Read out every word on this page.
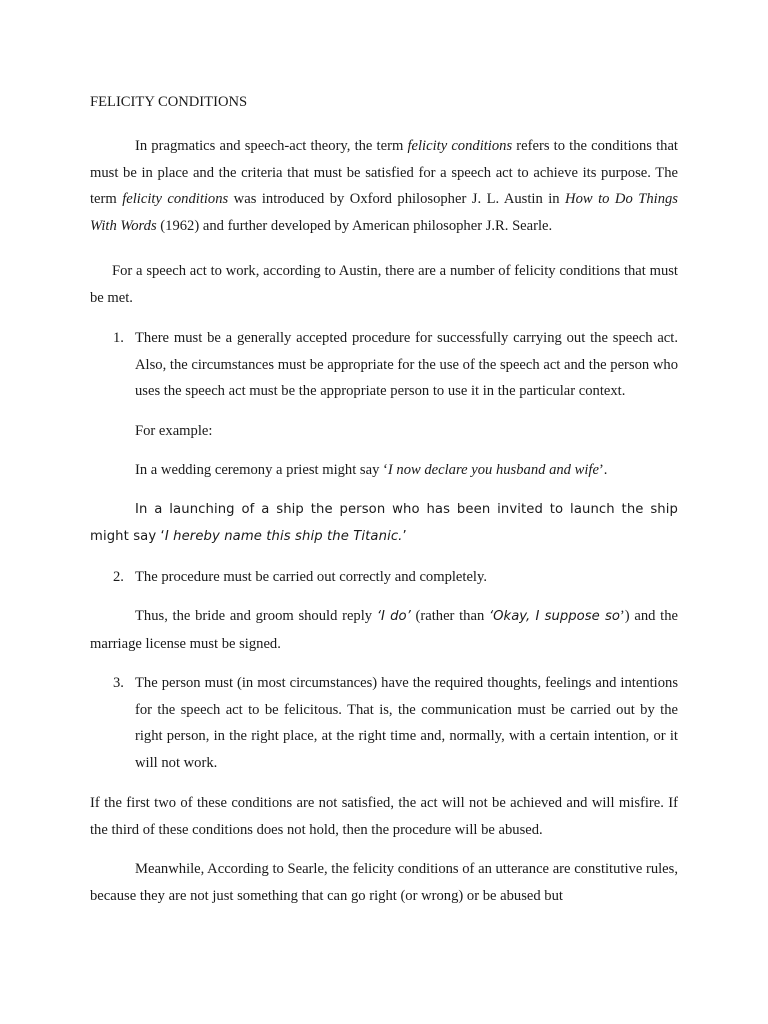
FELICITY CONDITIONS
In pragmatics and speech-act theory, the term felicity conditions refers to the conditions that must be in place and the criteria that must be satisfied for a speech act to achieve its purpose. The term felicity conditions was introduced by Oxford philosopher J. L. Austin in How to Do Things With Words (1962) and further developed by American philosopher J.R. Searle.
For a speech act to work, according to Austin, there are a number of felicity conditions that must be met.
1. There must be a generally accepted procedure for successfully carrying out the speech act. Also, the circumstances must be appropriate for the use of the speech act and the person who uses the speech act must be the appropriate person to use it in the particular context.
For example:
In a wedding ceremony a priest might say ‘I now declare you husband and wife’.
In a launching of a ship the person who has been invited to launch the ship might say ‘I hereby name this ship the Titanic.’
2. The procedure must be carried out correctly and completely.
Thus, the bride and groom should reply ‘I do’ (rather than ‘Okay, I suppose so’) and the marriage license must be signed.
3. The person must (in most circumstances) have the required thoughts, feelings and intentions for the speech act to be felicitous. That is, the communication must be carried out by the right person, in the right place, at the right time and, normally, with a certain intention, or it will not work.
If the first two of these conditions are not satisfied, the act will not be achieved and will misfire. If the third of these conditions does not hold, then the procedure will be abused.
Meanwhile, According to Searle, the felicity conditions of an utterance are constitutive rules, because they are not just something that can go right (or wrong) or be abused but
